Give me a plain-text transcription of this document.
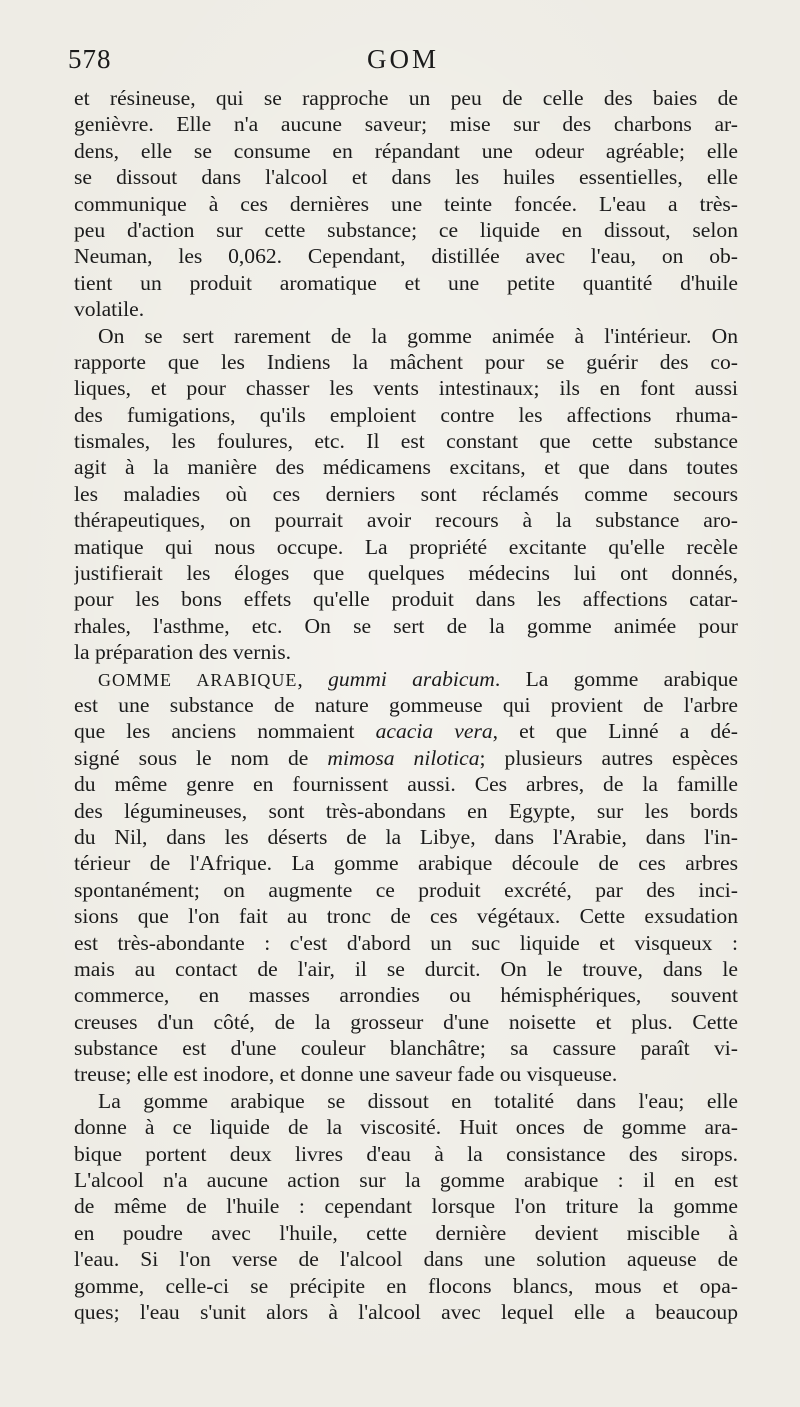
578	GOM
et résineuse, qui se rapproche un peu de celle des baies de
genièvre. Elle n'a aucune saveur; mise sur des charbons ar-
dens, elle se consume en répandant une odeur agréable; elle
se dissout dans l'alcool et dans les huiles essentielles, elle
communique à ces dernières une teinte foncée. L'eau a très-
peu d'action sur cette substance; ce liquide en dissout, selon
Neuman, les 0,062. Cependant, distillée avec l'eau, on ob-
tient un produit aromatique et une petite quantité d'huile
volatile.
On se sert rarement de la gomme animée à l'intérieur. On
rapporte que les Indiens la mâchent pour se guérir des co-
liques, et pour chasser les vents intestinaux; ils en font aussi
des fumigations, qu'ils emploient contre les affections rhuma-
tismales, les foulures, etc. Il est constant que cette substance
agit à la manière des médicamens excitans, et que dans toutes
les maladies où ces derniers sont réclamés comme secours
thérapeutiques, on pourrait avoir recours à la substance aro-
matique qui nous occupe. La propriété excitante qu'elle recèle
justifierait les éloges que quelques médecins lui ont donnés,
pour les bons effets qu'elle produit dans les affections catar-
rhales, l'asthme, etc. On se sert de la gomme animée pour
la préparation des vernis.
GOMME ARABIQUE, gummi arabicum. La gomme arabique
est une substance de nature gommeuse qui provient de l'arbre
que les anciens nommaient acacia vera, et que Linné a dé-
signé sous le nom de mimosa nilotica; plusieurs autres espèces
du même genre en fournissent aussi. Ces arbres, de la famille
des légumineuses, sont très-abondans en Egypte, sur les bords
du Nil, dans les déserts de la Libye, dans l'Arabie, dans l'in-
térieur de l'Afrique. La gomme arabique découle de ces arbres
spontanément; on augmente ce produit excrété, par des inci-
sions que l'on fait au tronc de ces végétaux. Cette exsudation
est très-abondante : c'est d'abord un suc liquide et visqueux :
mais au contact de l'air, il se durcit. On le trouve, dans le
commerce, en masses arrondies ou hémisphériques, souvent
creuses d'un côté, de la grosseur d'une noisette et plus. Cette
substance est d'une couleur blanchâtre; sa cassure paraît vi-
treuse; elle est inodore, et donne une saveur fade ou visqueuse.
La gomme arabique se dissout en totalité dans l'eau; elle
donne à ce liquide de la viscosité. Huit onces de gomme ara-
bique portent deux livres d'eau à la consistance des sirops.
L'alcool n'a aucune action sur la gomme arabique : il en est
de même de l'huile : cependant lorsque l'on triture la gomme
en poudre avec l'huile, cette dernière devient miscible à
l'eau. Si l'on verse de l'alcool dans une solution aqueuse de
gomme, celle-ci se précipite en flocons blancs, mous et opa-
ques; l'eau s'unit alors à l'alcool avec lequel elle a beaucoup
